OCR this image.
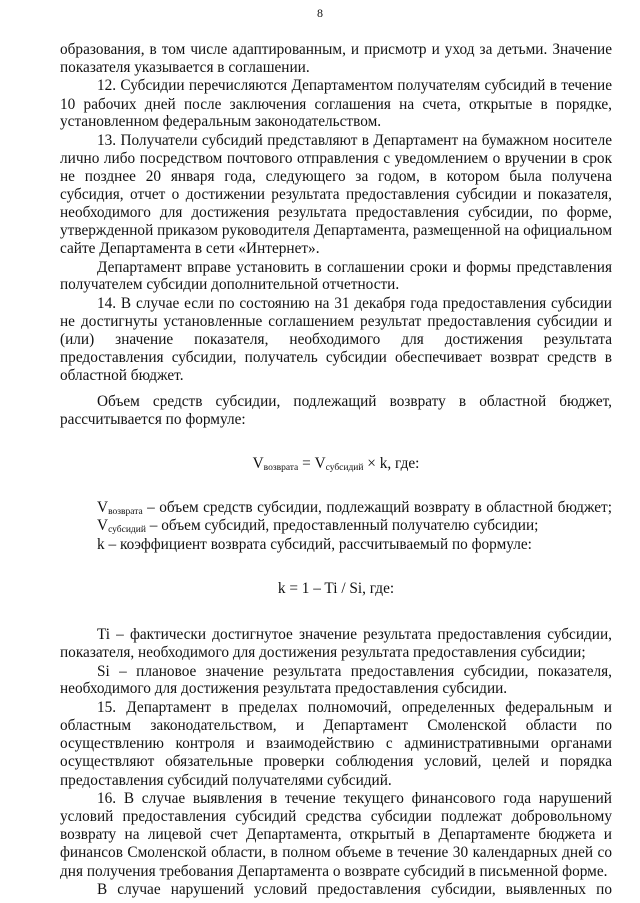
8
образования, в том числе адаптированным, и присмотр и уход за детьми. Значение
показателя указывается в соглашении.
12. Субсидии перечисляются Департаментом получателям субсидий в течение
10 рабочих дней после заключения соглашения на счета, открытые в порядке,
установленном федеральным законодательством.
13. Получатели субсидий представляют в Департамент на бумажном носителе
лично либо посредством почтового отправления с уведомлением о вручении в срок
не позднее 20 января года, следующего за годом, в котором была получена
субсидия, отчет о достижении результата предоставления субсидии и показателя,
необходимого для достижения результата предоставления субсидии, по форме,
утвержденной приказом руководителя Департамента, размещенной на официальном
сайте Департамента в сети «Интернет».
Департамент вправе установить в соглашении сроки и формы представления
получателем субсидии дополнительной отчетности.
14. В случае если по состоянию на 31 декабря года предоставления субсидии
не достигнуты установленные соглашением результат предоставления субсидии и
(или) значение показателя, необходимого для достижения результата
предоставления субсидии, получатель субсидии обеспечивает возврат средств в
областной бюджет.
Объем средств субсидии, подлежащий возврату в областной бюджет,
рассчитывается по формуле:
$V_{возврата} = V_{субсидий} \times k$, где:
$V_{возврата}$ – объем средств субсидии, подлежащий возврату в областной бюджет;
$V_{субсидий}$ – объем субсидий, предоставленный получателю субсидии;
k – коэффициент возврата субсидий, рассчитываемый по формуле:
k = 1 – Ti / Si, где:
Ti – фактически достигнутое значение результата предоставления субсидии,
показателя, необходимого для достижения результата предоставления субсидии;
Si – плановое значение результата предоставления субсидии, показателя,
необходимого для достижения результата предоставления субсидии.
15. Департамент в пределах полномочий, определенных федеральным и
областным законодательством, и Департамент Смоленской области по
осуществлению контроля и взаимодействию с административными органами
осуществляют обязательные проверки соблюдения условий, целей и порядка
предоставления субсидий получателями субсидий.
16. В случае выявления в течение текущего финансового года нарушений
условий предоставления субсидий средства субсидии подлежат добровольному
возврату на лицевой счет Департамента, открытый в Департаменте бюджета и
финансов Смоленской области, в полном объеме в течение 30 календарных дней со
дня получения требования Департамента о возврате субсидий в письменной форме.
В случае нарушений условий предоставления субсидии, выявленных по
